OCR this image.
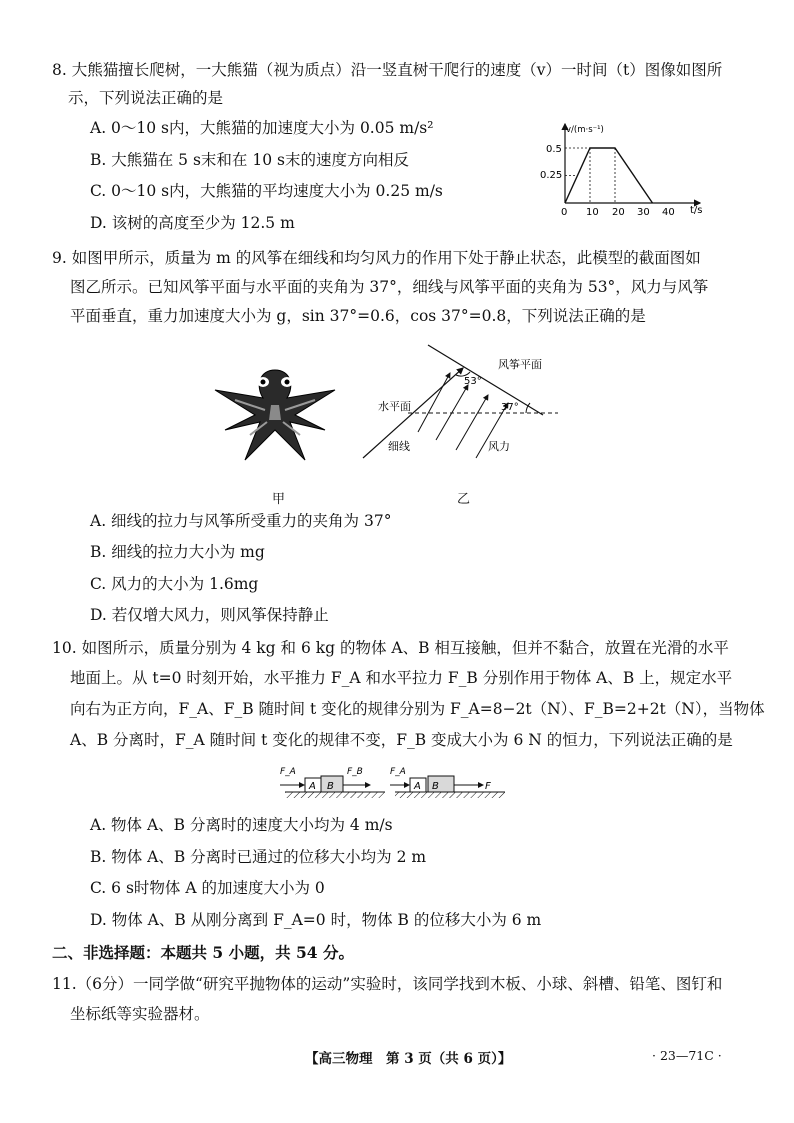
8. 大熊猫擅长爬树，一大熊猫（视为质点）沿一竖直树干爬行的速度（v）一时间（t）图像如图所
示，下列说法正确的是
A. 0～10 s内，大熊猫的加速度大小为 0.05 m/s²
B. 大熊猫在 5 s末和在 10 s末的速度方向相反
C. 0～10 s内，大熊猫的平均速度大小为 0.25 m/s
D. 该树的高度至少为 12.5 m
v/(m·s⁻¹)
t/s
0.5
0.25
0 10 20 30 40
9. 如图甲所示，质量为 m 的风筝在细线和均匀风力的作用下处于静止状态，此模型的截面图如
图乙所示。已知风筝平面与水平面的夹角为 37°，细线与风筝平面的夹角为 53°，风力与风筝
平面垂直，重力加速度大小为 g，sin 37°=0.6，cos 37°=0.8，下列说法正确的是
甲
风筝平面
水平面
细线	风力
53°
37°
乙
A. 细线的拉力与风筝所受重力的夹角为 37°
B. 细线的拉力大小为 mg
C. 风力的大小为 1.6mg
D. 若仅增大风力，则风筝保持静止
10. 如图所示，质量分别为 4 kg 和 6 kg 的物体 A、B 相互接触，但并不黏合，放置在光滑的水平
地面上。从 t=0 时刻开始，水平推力 F_A 和水平拉力 F_B 分别作用于物体 A、B 上，规定水平
向右为正方向，F_A、F_B 随时间 t 变化的规律分别为 F_A=8−2t（N）、F_B=2+2t（N），当物体
A、B 分离时，F_A 随时间 t 变化的规律不变，F_B 变成大小为 6 N 的恒力，下列说法正确的是
A B
F_A	F_B
A B
F_A
F
A. 物体 A、B 分离时的速度大小均为 4 m/s
B. 物体 A、B 分离时已通过的位移大小均为 2 m
C. 6 s时物体 A 的加速度大小为 0
D. 物体 A、B 从刚分离到 F_A=0 时，物体 B 的位移大小为 6 m
二、非选择题：本题共 5 小题，共 54 分。
11.（6分）一同学做“研究平抛物体的运动”实验时，该同学找到木板、小球、斜槽、铅笔、图钉和
坐标纸等实验器材。
【高三物理　第 3 页（共 6 页）】	· 23—71C ·
